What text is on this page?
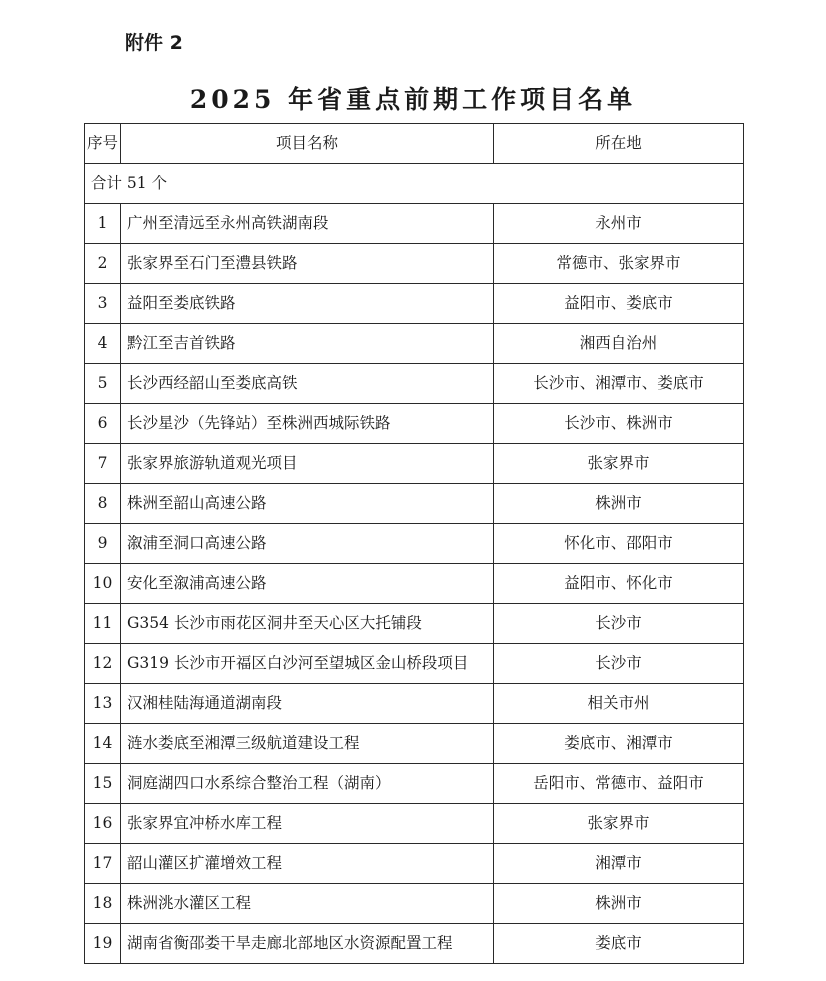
附件 2
2025 年省重点前期工作项目名单
序号	项目名称	所在地
合计 51 个		
1	广州至清远至永州高铁湖南段	永州市
2	张家界至石门至澧县铁路	常德市、张家界市
3	益阳至娄底铁路	益阳市、娄底市
4	黔江至吉首铁路	湘西自治州
5	长沙西经韶山至娄底高铁	长沙市、湘潭市、娄底市
6	长沙星沙（先锋站）至株洲西城际铁路	长沙市、株洲市
7	张家界旅游轨道观光项目	张家界市
8	株洲至韶山高速公路	株洲市
9	溆浦至洞口高速公路	怀化市、邵阳市
10	安化至溆浦高速公路	益阳市、怀化市
11	G354 长沙市雨花区洞井至天心区大托铺段	长沙市
12	G319 长沙市开福区白沙河至望城区金山桥段项目	长沙市
13	汉湘桂陆海通道湖南段	相关市州
14	涟水娄底至湘潭三级航道建设工程	娄底市、湘潭市
15	洞庭湖四口水系综合整治工程（湖南）	岳阳市、常德市、益阳市
16	张家界宜冲桥水库工程	张家界市
17	韶山灌区扩灌增效工程	湘潭市
18	株洲洮水灌区工程	株洲市
19	湖南省衡邵娄干旱走廊北部地区水资源配置工程	娄底市
